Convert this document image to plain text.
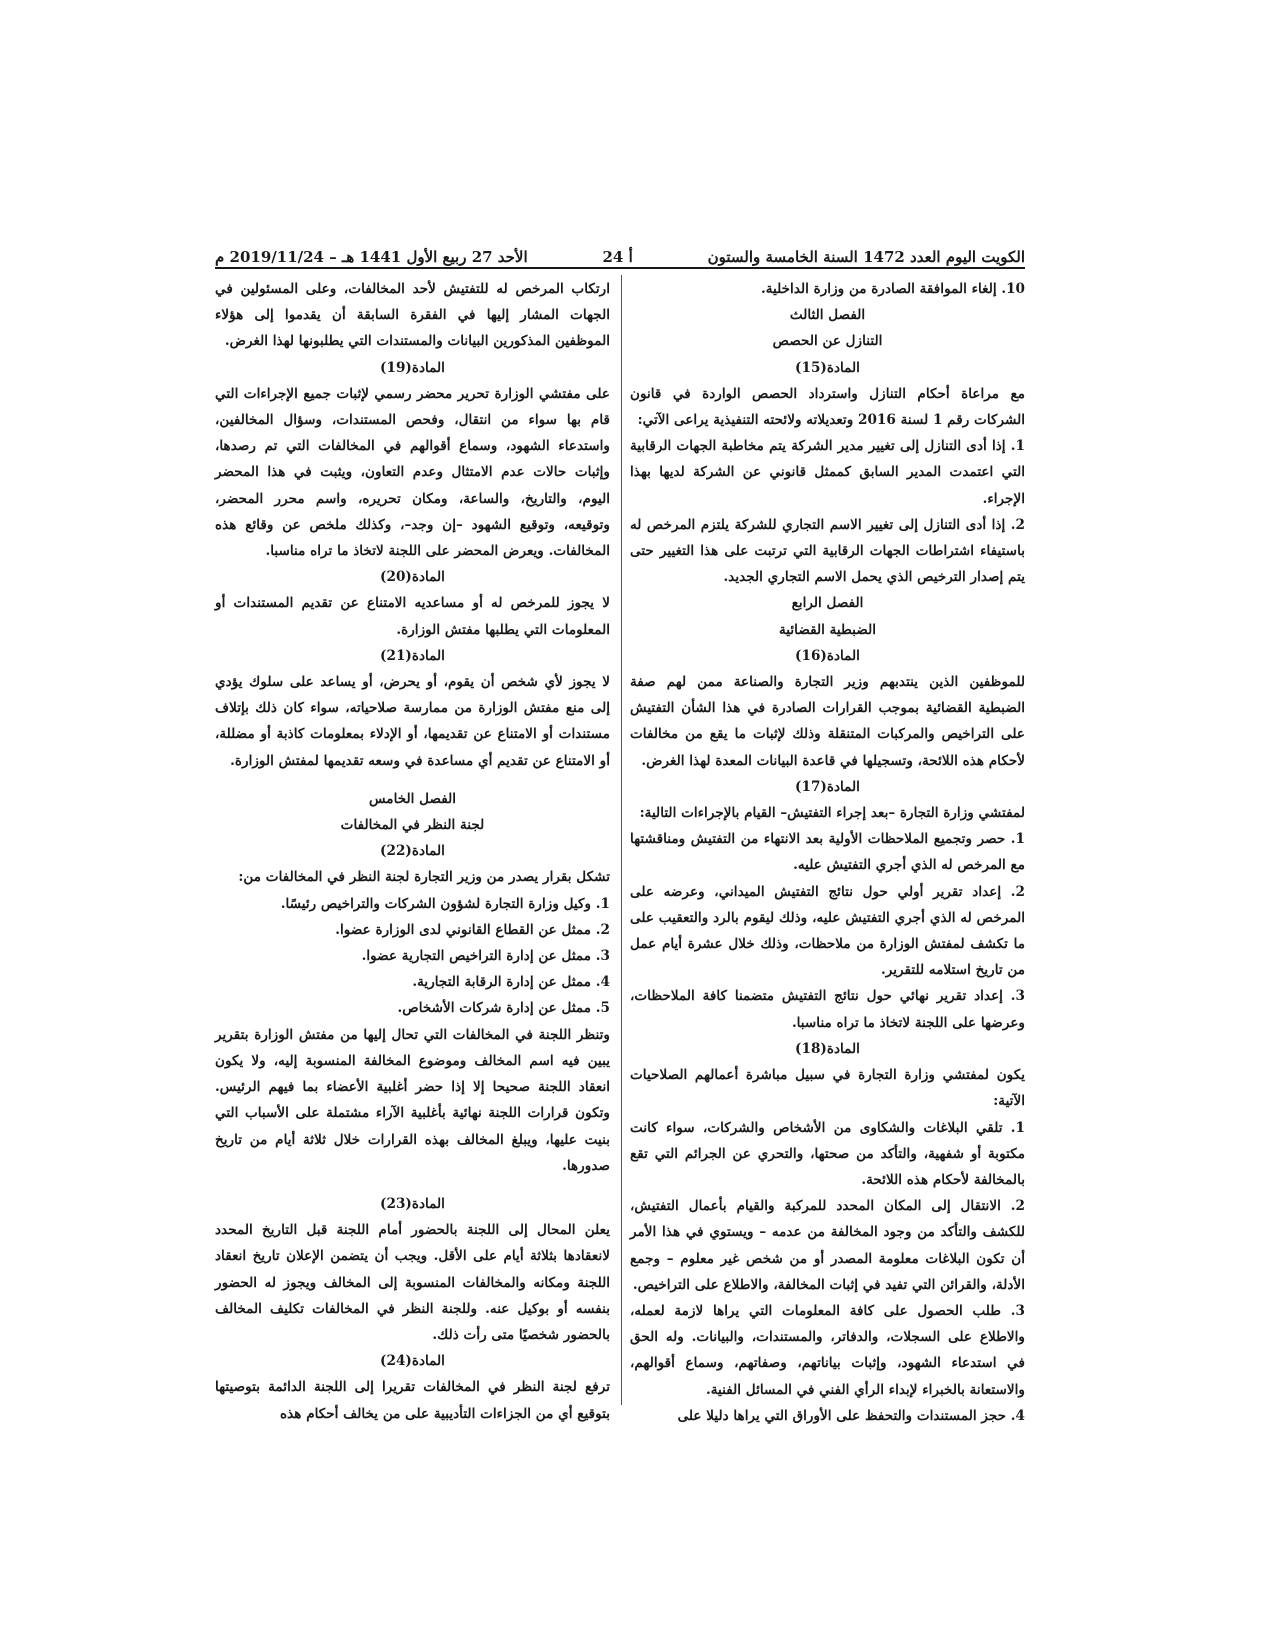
الكويت اليوم العدد 1472 السنة الخامسة والستون
أ 24
الأحد 27 ربيع الأول 1441 هـ – 2019/11/24 م

10. إلغاء الموافقة الصادرة من وزارة الداخلية.

الفصل الثالث

التنازل عن الحصص

المادة(15)

مع مراعاة أحكام التنازل واسترداد الحصص الواردة في قانون الشركات رقم 1 لسنة 2016 وتعديلاته ولائحته التنفيذية يراعى الآتي:

1. إذا أدى التنازل إلى تغيير مدير الشركة يتم مخاطبة الجهات الرقابية التي اعتمدت المدير السابق كممثل قانوني عن الشركة لديها بهذا الإجراء.

2. إذا أدى التنازل إلى تغيير الاسم التجاري للشركة يلتزم المرخص له باستيفاء اشتراطات الجهات الرقابية التي ترتبت على هذا التغيير حتى يتم إصدار الترخيص الذي يحمل الاسم التجاري الجديد.

الفصل الرابع

الضبطية القضائية

المادة(16)

للموظفين الذين ينتدبهم وزير التجارة والصناعة ممن لهم صفة الضبطية القضائية بموجب القرارات الصادرة في هذا الشأن التفتيش على التراخيص والمركبات المتنقلة وذلك لإثبات ما يقع من مخالفات لأحكام هذه اللائحة، وتسجيلها في قاعدة البيانات المعدة لهذا الغرض.

المادة(17)

لمفتشي وزارة التجارة –بعد إجراء التفتيش– القيام بالإجراءات التالية:

1. حصر وتجميع الملاحظات الأولية بعد الانتهاء من التفتيش ومناقشتها مع المرخص له الذي أجري التفتيش عليه.

2. إعداد تقرير أولي حول نتائج التفتيش الميداني، وعرضه على المرخص له الذي أجري التفتيش عليه، وذلك ليقوم بالرد والتعقيب على ما تكشف لمفتش الوزارة من ملاحظات، وذلك خلال عشرة أيام عمل من تاريخ استلامه للتقرير.

3. إعداد تقرير نهائي حول نتائج التفتيش متضمنا كافة الملاحظات، وعرضها على اللجنة لاتخاذ ما تراه مناسبا.

المادة(18)

يكون لمفتشي وزارة التجارة في سبيل مباشرة أعمالهم الصلاحيات الآتية:

1. تلقي البلاغات والشكاوى من الأشخاص والشركات، سواء كانت مكتوبة أو شفهية، والتأكد من صحتها، والتحري عن الجرائم التي تقع بالمخالفة لأحكام هذه اللائحة.

2. الانتقال إلى المكان المحدد للمركبة والقيام بأعمال التفتيش، للكشف والتأكد من وجود المخالفة من عدمه – ويستوي في هذا الأمر أن تكون البلاغات معلومة المصدر أو من شخص غير معلوم – وجمع الأدلة، والقرائن التي تفيد في إثبات المخالفة، والاطلاع على التراخيص.

3. طلب الحصول على كافة المعلومات التي يراها لازمة لعمله، والاطلاع على السجلات، والدفاتر، والمستندات، والبيانات. وله الحق في استدعاء الشهود، وإثبات بياناتهم، وصفاتهم، وسماع أقوالهم، والاستعانة بالخبراء لإبداء الرأي الفني في المسائل الفنية.

4. حجز المستندات والتحفظ على الأوراق التي يراها دليلا على

ارتكاب المرخص له للتفتيش لأحد المخالفات، وعلى المسئولين في الجهات المشار إليها في الفقرة السابقة أن يقدموا إلى هؤلاء الموظفين المذكورين البيانات والمستندات التي يطلبونها لهذا الغرض.

المادة(19)

على مفتشي الوزارة تحرير محضر رسمي لإثبات جميع الإجراءات التي قام بها سواء من انتقال، وفحص المستندات، وسؤال المخالفين، واستدعاء الشهود، وسماع أقوالهم في المخالفات التي تم رصدها، وإثبات حالات عدم الامتثال وعدم التعاون، ويثبت في هذا المحضر اليوم، والتاريخ، والساعة، ومكان تحريره، واسم محرر المحضر، وتوقيعه، وتوقيع الشهود –إن وجد–، وكذلك ملخص عن وقائع هذه المخالفات. ويعرض المحضر على اللجنة لاتخاذ ما تراه مناسبا.

المادة(20)

لا يجوز للمرخص له أو مساعديه الامتناع عن تقديم المستندات أو المعلومات التي يطلبها مفتش الوزارة.

المادة(21)

لا يجوز لأي شخص أن يقوم، أو يحرض، أو يساعد على سلوك يؤدي إلى منع مفتش الوزارة من ممارسة صلاحياته، سواء كان ذلك بإتلاف مستندات أو الامتناع عن تقديمها، أو الإدلاء بمعلومات كاذبة أو مضللة، أو الامتناع عن تقديم أي مساعدة في وسعه تقديمها لمفتش الوزارة.

الفصل الخامس

لجنة النظر في المخالفات

المادة(22)

تشكل بقرار يصدر من وزير التجارة لجنة النظر في المخالفات من:

1. وكيل وزارة التجارة لشؤون الشركات والتراخيص رئيسًا.

2. ممثل عن القطاع القانوني لدى الوزارة عضوا.

3. ممثل عن إدارة التراخيص التجارية عضوا.

4. ممثل عن إدارة الرقابة التجارية.

5. ممثل عن إدارة شركات الأشخاص.

وتنظر اللجنة في المخالفات التي تحال إليها من مفتش الوزارة بتقرير يبين فيه اسم المخالف وموضوع المخالفة المنسوبة إليه، ولا يكون انعقاد اللجنة صحيحا إلا إذا حضر أغلبية الأعضاء بما فيهم الرئيس. وتكون قرارات اللجنة نهائية بأغلبية الآراء مشتملة على الأسباب التي بنيت عليها، ويبلغ المخالف بهذه القرارات خلال ثلاثة أيام من تاريخ صدورها.

المادة(23)

يعلن المحال إلى اللجنة بالحضور أمام اللجنة قبل التاريخ المحدد لانعقادها بثلاثة أيام على الأقل. ويجب أن يتضمن الإعلان تاريخ انعقاد اللجنة ومكانه والمخالفات المنسوبة إلى المخالف ويجوز له الحضور بنفسه أو بوكيل عنه. وللجنة النظر في المخالفات تكليف المخالف بالحضور شخصيًا متى رأت ذلك.

المادة(24)

ترفع لجنة النظر في المخالفات تقريرا إلى اللجنة الدائمة بتوصيتها بتوقيع أي من الجزاءات التأديبية على من يخالف أحكام هذه
